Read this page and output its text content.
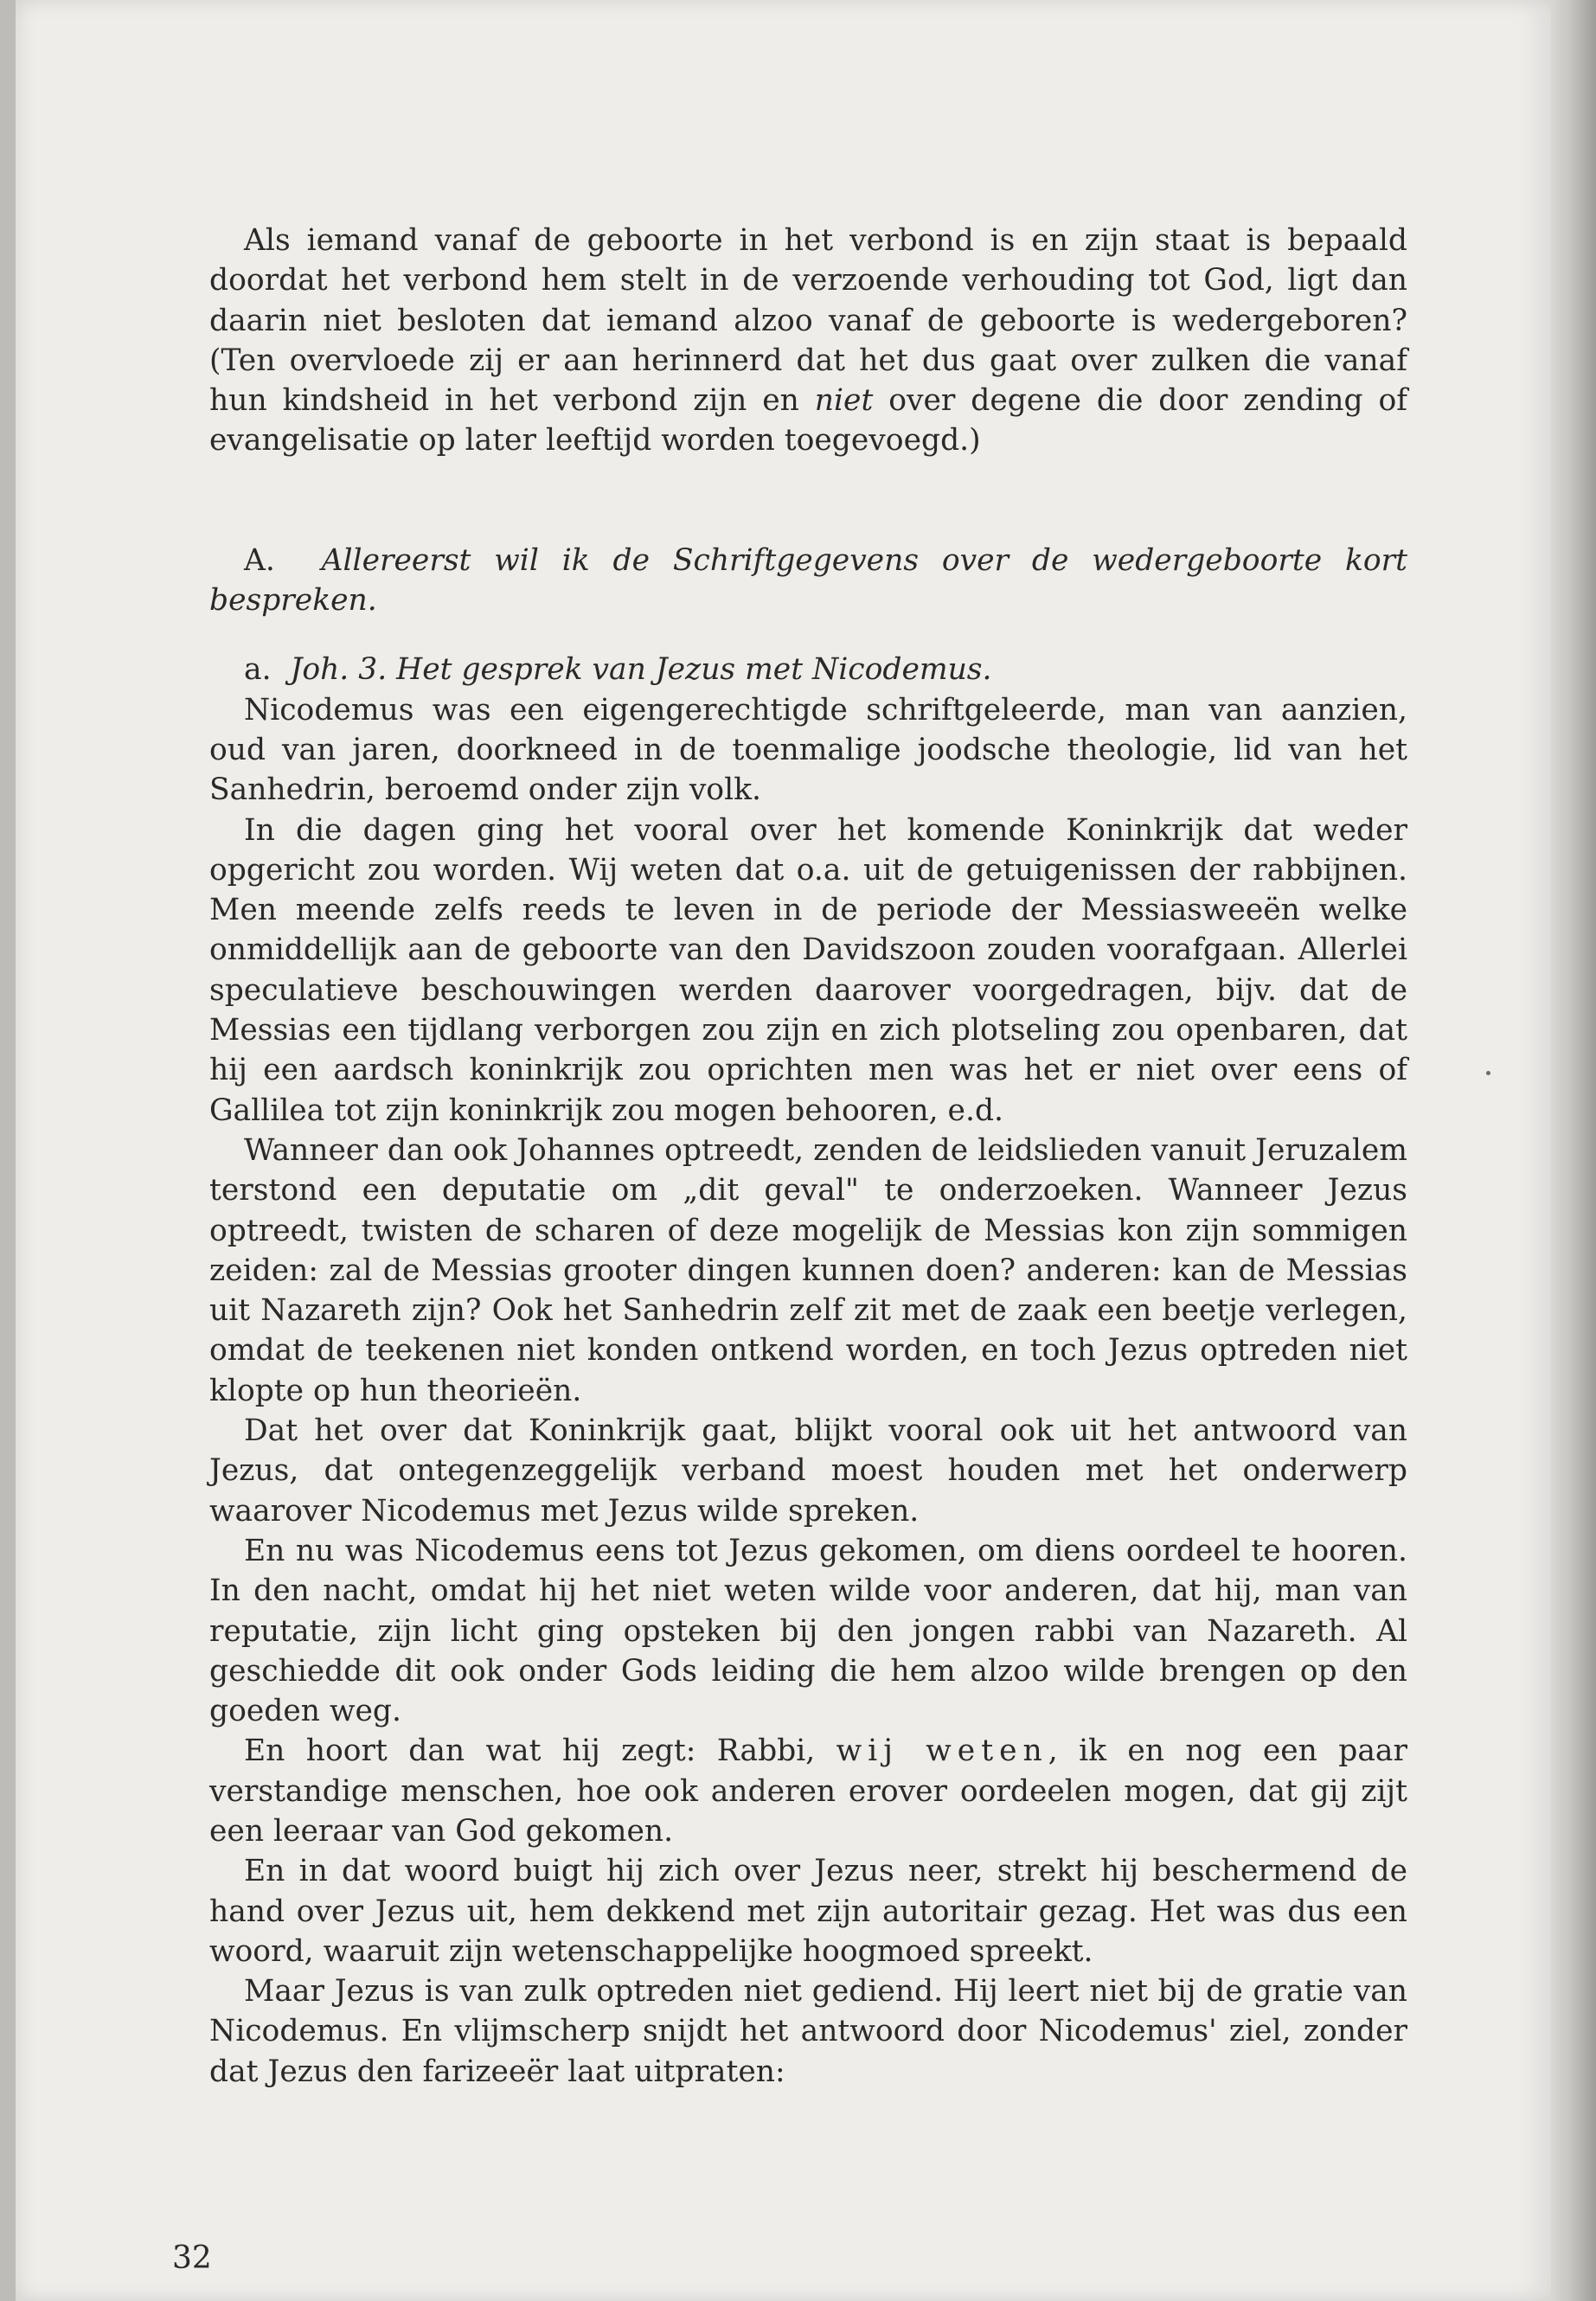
Als iemand vanaf de geboorte in het verbond is en zijn staat is bepaald doordat het verbond hem stelt in de verzoende verhouding tot God, ligt dan daarin niet besloten dat iemand alzoo vanaf de geboorte is wedergeboren? (Ten overvloede zij er aan herinnerd dat het dus gaat over zulken die vanaf hun kindsheid in het verbond zijn en niet over degene die door zending of evangelisatie op later leeftijd worden toegevoegd.)

A. Allereerst wil ik de Schriftgegevens over de wedergeboorte kort bespreken.

a. Joh. 3. Het gesprek van Jezus met Nicodemus.

Nicodemus was een eigengerechtigde schriftgeleerde, man van aanzien, oud van jaren, doorkneed in de toenmalige joodsche theologie, lid van het Sanhedrin, beroemd onder zijn volk.

In die dagen ging het vooral over het komende Koninkrijk dat weder opgericht zou worden. Wij weten dat o.a. uit de getuigenissen der rabbijnen. Men meende zelfs reeds te leven in de periode der Messiasweeën welke onmiddellijk aan de geboorte van den Davidszoon zouden voorafgaan. Allerlei speculatieve beschouwingen werden daarover voorgedragen, bijv. dat de Messias een tijdlang verborgen zou zijn en zich plotseling zou openbaren, dat hij een aardsch koninkrijk zou oprichten men was het er niet over eens of Gallilea tot zijn koninkrijk zou mogen behooren, e.d.

Wanneer dan ook Johannes optreedt, zenden de leidslieden vanuit Jeruzalem terstond een deputatie om „dit geval" te onderzoeken. Wanneer Jezus optreedt, twisten de scharen of deze mogelijk de Messias kon zijn sommigen zeiden: zal de Messias grooter dingen kunnen doen? anderen: kan de Messias uit Nazareth zijn? Ook het Sanhedrin zelf zit met de zaak een beetje verlegen, omdat de teekenen niet konden ontkend worden, en toch Jezus optreden niet klopte op hun theorieën.

Dat het over dat Koninkrijk gaat, blijkt vooral ook uit het antwoord van Jezus, dat ontegenzeggelijk verband moest houden met het onderwerp waarover Nicodemus met Jezus wilde spreken.

En nu was Nicodemus eens tot Jezus gekomen, om diens oordeel te hooren. In den nacht, omdat hij het niet weten wilde voor anderen, dat hij, man van reputatie, zijn licht ging opsteken bij den jongen rabbi van Nazareth. Al geschiedde dit ook onder Gods leiding die hem alzoo wilde brengen op den goeden weg.

En hoort dan wat hij zegt: Rabbi, wij weten, ik en nog een paar verstandige menschen, hoe ook anderen erover oordeelen mogen, dat gij zijt een leeraar van God gekomen.

En in dat woord buigt hij zich over Jezus neer, strekt hij beschermend de hand over Jezus uit, hem dekkend met zijn autoritair gezag. Het was dus een woord, waaruit zijn wetenschappelijke hoogmoed spreekt.

Maar Jezus is van zulk optreden niet gediend. Hij leert niet bij de gratie van Nicodemus. En vlijmscherp snijdt het antwoord door Nicodemus' ziel, zonder dat Jezus den farizeeër laat uitpraten:

32
